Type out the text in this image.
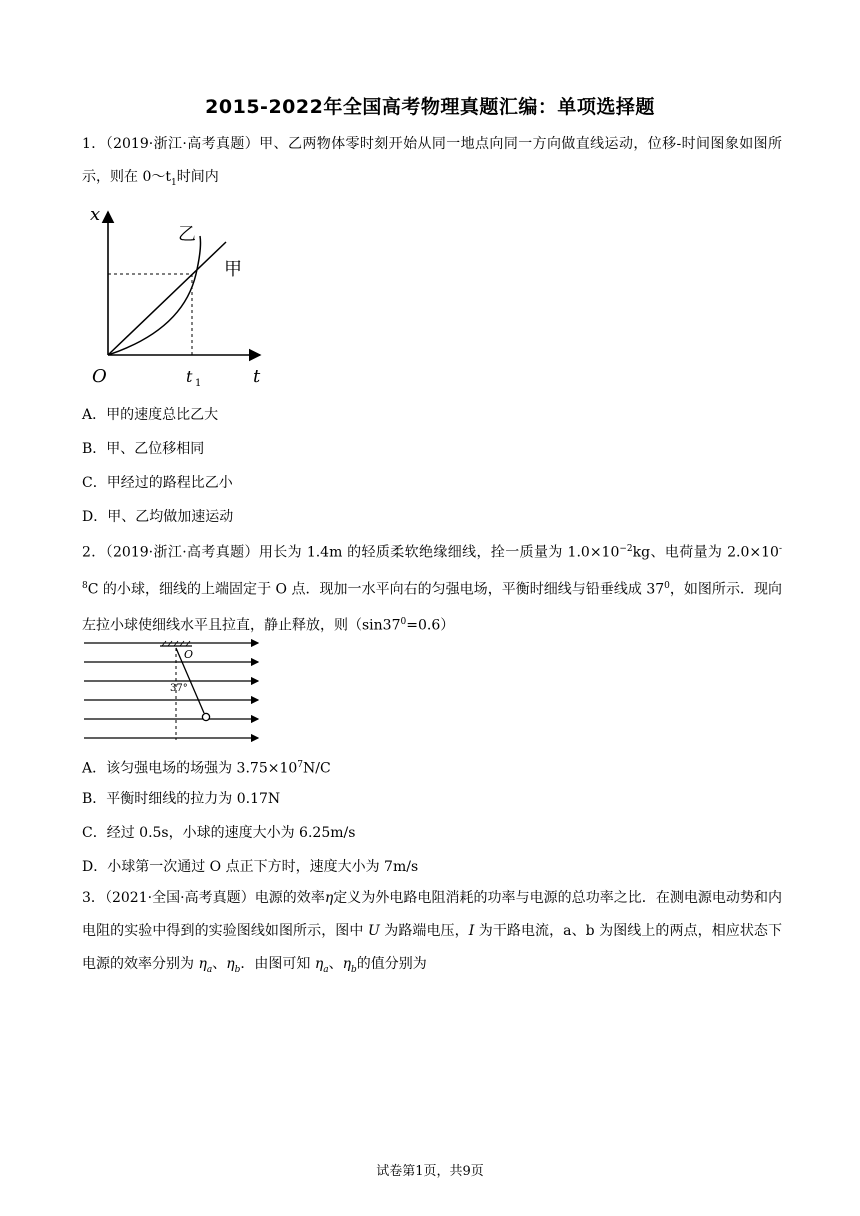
2015-2022年全国高考物理真题汇编：单项选择题
1．（2019·浙江·高考真题）甲、乙两物体零时刻开始从同一地点向同一方向做直线运动，位移-时间图象如图所示，则在 $0\sim t_1$时间内
x
t
O	t 1
甲
乙
A．甲的速度总比乙大
B．甲、乙位移相同
C．甲经过的路程比乙小
D．甲、乙均做加速运动
2．（2019·浙江·高考真题）用长为 1.4m 的轻质柔软绝缘细线，拴一质量为 $1.0\times 10^{-2}kg$、电荷量为 $2.0\times 10^{-8}C$ 的小球，细线的上端固定于 O 点．现加一水平向右的匀强电场，平衡时细线与铅垂线成 $37^0$，如图所示．现向左拉小球使细线水平且拉直，静止释放，则$(\sin 37^0=0.6)$
O
37°
A．该匀强电场的场强为 $3.75\times 10^7N/C$
B．平衡时细线的拉力为 0.17N
C．经过 0.5s，小球的速度大小为 6.25m/s
D．小球第一次通过 O 点正下方时，速度大小为 7m/s
3．（2021·全国·高考真题）电源的效率η定义为外电路电阻消耗的功率与电源的总功率之比．在测电源电动势和内电阻的实验中得到的实验图线如图所示，图中 U 为路端电压，I 为干路电流，a、b 为图线上的两点，相应状态下电源的效率分别为 $\eta_a$、$\eta_b$．由图可知 $\eta_a$、$\eta_b$的值分别为
试卷第1页，共9页
